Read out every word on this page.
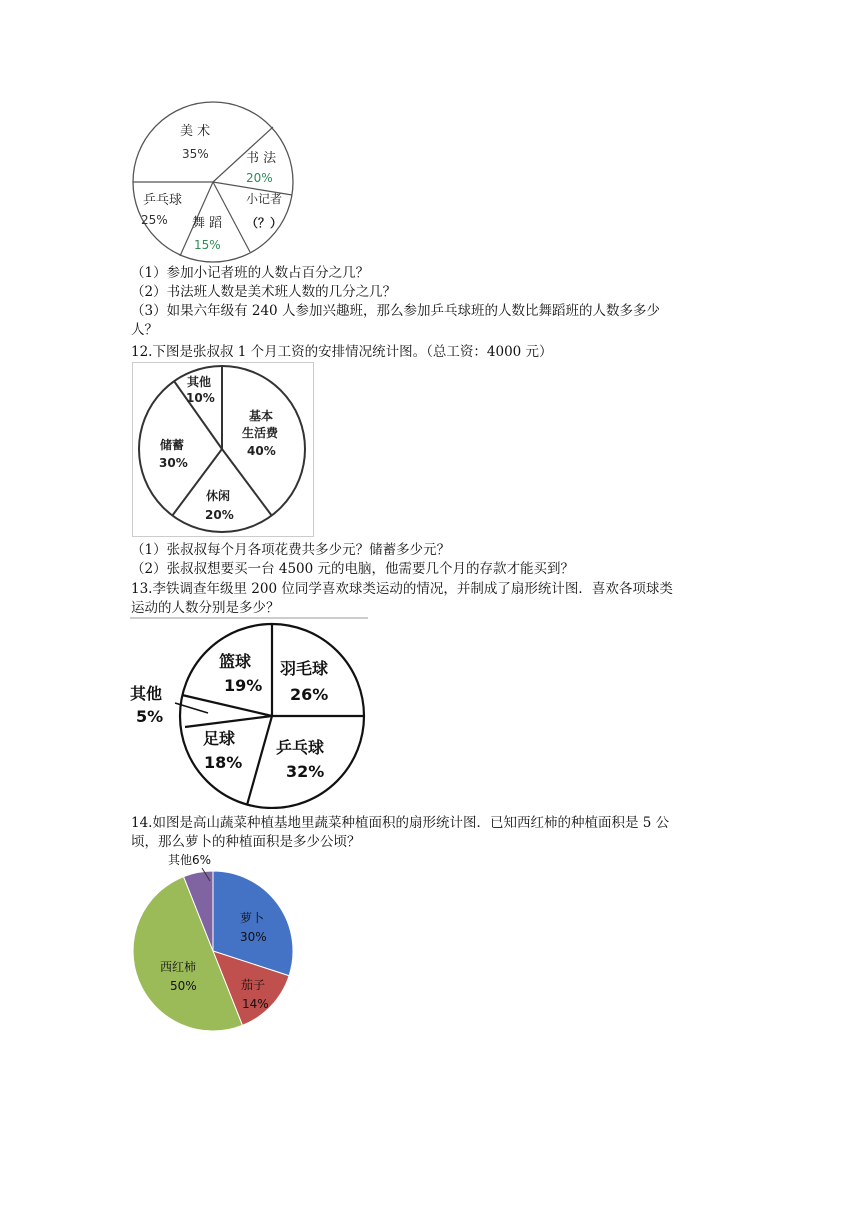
美 术
35%	书 法
20%
小记者
（？）
舞 蹈
15%
乒乓球
25%
（1）参加小记者班的人数占百分之几？
（2）书法班人数是美术班人数的几分之几？
（3）如果六年级有 240 人参加兴趣班，那么参加乒乓球班的人数比舞蹈班的人数多多少
人？
12.下图是张叔叔 1 个月工资的安排情况统计图。（总工资：4000 元）
其他
10%
基本
生活费
40%
休闲
20%
储蓄
30%
（1）张叔叔每个月各项花费共多少元？储蓄多少元？
（2）张叔叔想要买一台 4500 元的电脑，他需要几个月的存款才能买到？
13.李铁调查年级里 200 位同学喜欢球类运动的情况，并制成了扇形统计图．喜欢各项球类
运动的人数分别是多少？
羽毛球
26%
乒乓球
32%
足球
18%
其他
5%
篮球
19%
14.如图是高山蔬菜种植基地里蔬菜种植面积的扇形统计图．已知西红柿的种植面积是 5 公
顷，那么萝卜的种植面积是多少公顷？
其他6%
萝卜
30%
茄子
14%
西红柿
50%
